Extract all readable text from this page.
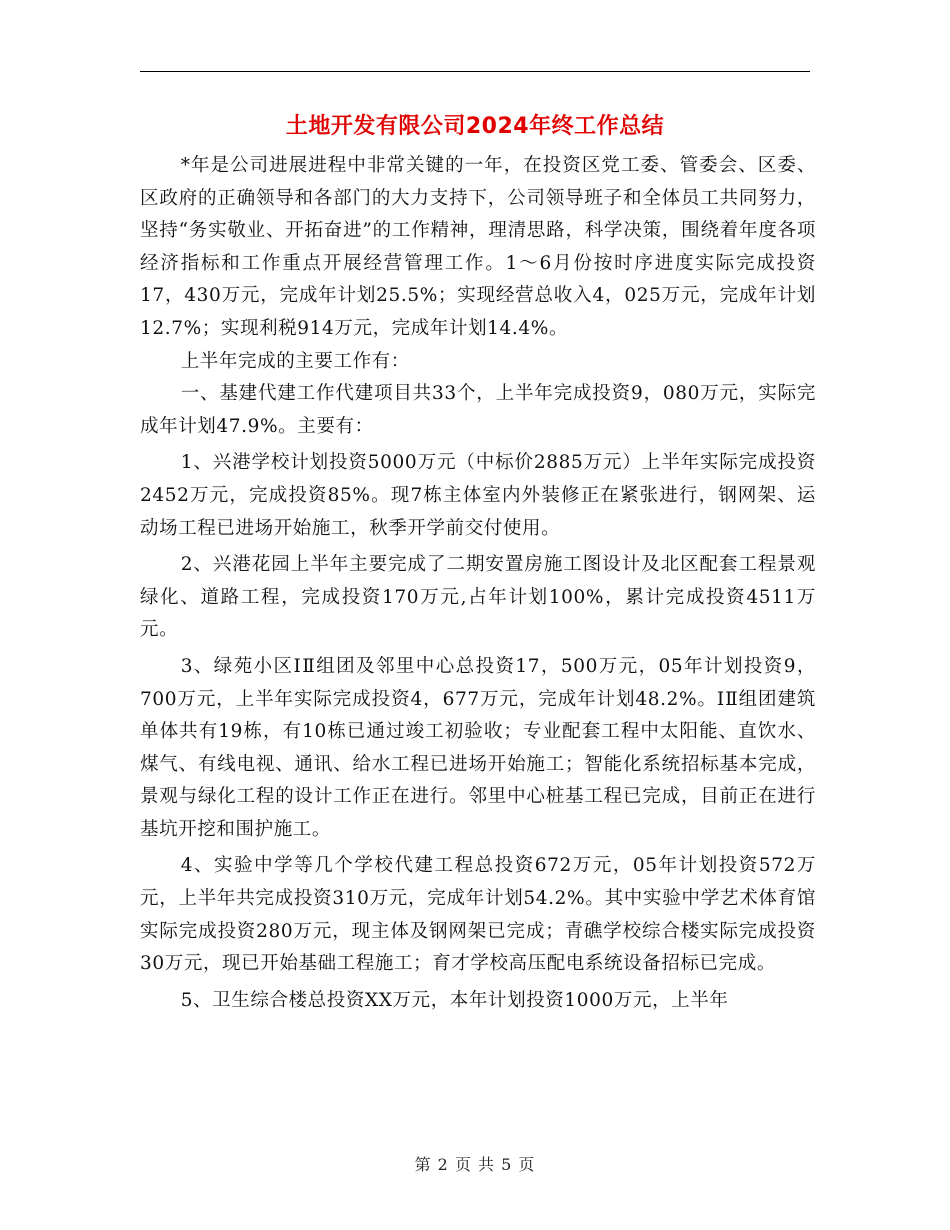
土地开发有限公司2024年终工作总结

*年是公司进展进程中非常关键的一年，在投资区党工委、管委会、区委、区政府的正确领导和各部门的大力支持下，公司领导班子和全体员工共同努力，坚持“务实敬业、开拓奋进”的工作精神，理清思路，科学决策，围绕着年度各项经济指标和工作重点开展经营管理工作。1～6月份按时序进度实际完成投资17，430万元，完成年计划25.5%；实现经营总收入4，025万元，完成年计划12.7%；实现利税914万元，完成年计划14.4%。

上半年完成的主要工作有：

一、基建代建工作代建项目共33个，上半年完成投资9，080万元，实际完成年计划47.9%。主要有：

1、兴港学校计划投资5000万元（中标价2885万元）上半年实际完成投资2452万元，完成投资85%。现7栋主体室内外装修正在紧张进行，钢网架、运动场工程已进场开始施工，秋季开学前交付使用。

2、兴港花园上半年主要完成了二期安置房施工图设计及北区配套工程景观绿化、道路工程，完成投资170万元,占年计划100%，累计完成投资4511万元。

3、绿苑小区ⅠⅡ组团及邻里中心总投资17，500万元，05年计划投资9，700万元，上半年实际完成投资4，677万元，完成年计划48.2%。ⅠⅡ组团建筑单体共有19栋，有10栋已通过竣工初验收；专业配套工程中太阳能、直饮水、煤气、有线电视、通讯、给水工程已进场开始施工；智能化系统招标基本完成，景观与绿化工程的设计工作正在进行。邻里中心桩基工程已完成，目前正在进行基坑开挖和围护施工。

4、实验中学等几个学校代建工程总投资672万元，05年计划投资572万元，上半年共完成投资310万元，完成年计划54.2%。其中实验中学艺术体育馆实际完成投资280万元，现主体及钢网架已完成；青礁学校综合楼实际完成投资30万元，现已开始基础工程施工；育才学校高压配电系统设备招标已完成。

5、卫生综合楼总投资XX万元，本年计划投资1000万元，上半年

第 2 页 共 5 页
